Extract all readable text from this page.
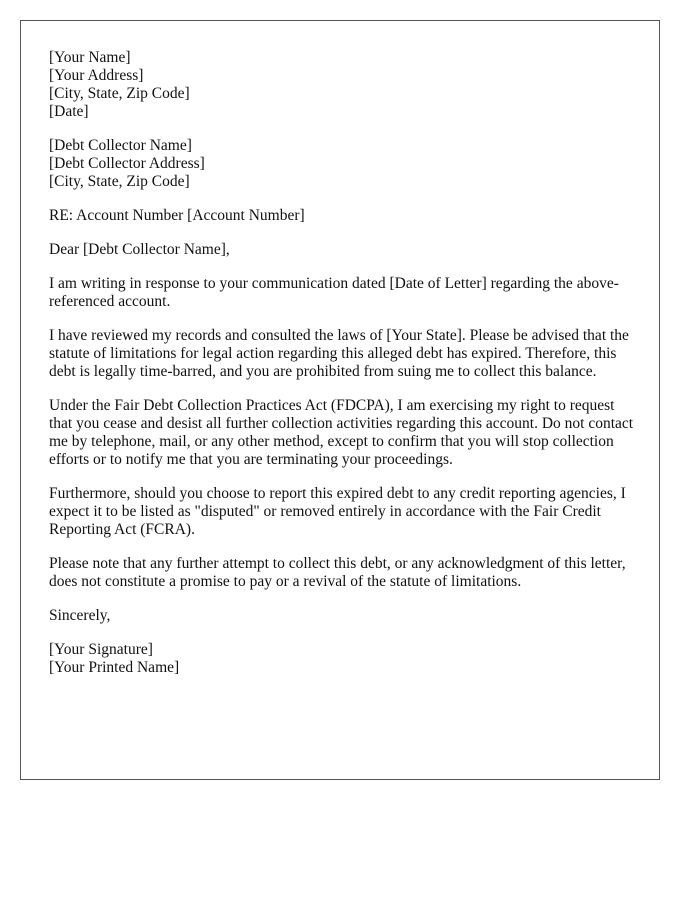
[Your Name]
[Your Address]
[City, State, Zip Code]
[Date]
[Debt Collector Name]
[Debt Collector Address]
[City, State, Zip Code]

RE: Account Number [Account Number]

Dear [Debt Collector Name],

I am writing in response to your communication dated [Date of Letter] regarding the above-referenced account.

I have reviewed my records and consulted the laws of [Your State]. Please be advised that the statute of limitations for legal action regarding this alleged debt has expired. Therefore, this debt is legally time-barred, and you are prohibited from suing me to collect this balance.

Under the Fair Debt Collection Practices Act (FDCPA), I am exercising my right to request that you cease and desist all further collection activities regarding this account. Do not contact me by telephone, mail, or any other method, except to confirm that you will stop collection efforts or to notify me that you are terminating your proceedings.

Furthermore, should you choose to report this expired debt to any credit reporting agencies, I expect it to be listed as "disputed" or removed entirely in accordance with the Fair Credit Reporting Act (FCRA).

Please note that any further attempt to collect this debt, or any acknowledgment of this letter, does not constitute a promise to pay or a revival of the statute of limitations.

Sincerely,

[Your Signature]
[Your Printed Name]
